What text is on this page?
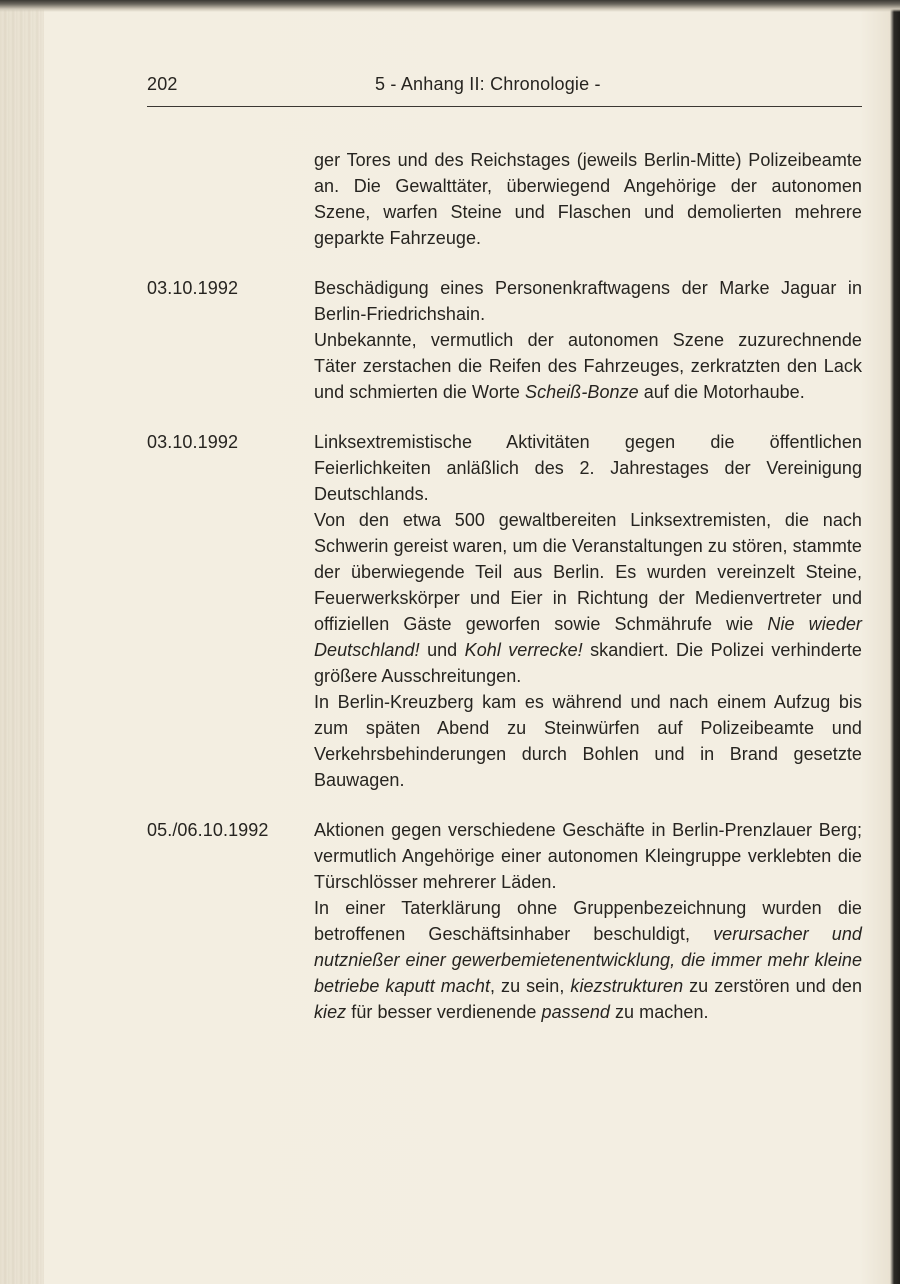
202	5 - Anhang II: Chronologie -

ger Tores und des Reichstages (jeweils Berlin-Mitte) Polizeibeamte an. Die Gewalttäter, überwiegend Angehörige der autonomen Szene, warfen Steine und Flaschen und demolierten mehrere geparkte Fahrzeuge.

03.10.1992	Beschädigung eines Personenkraftwagens der Marke Jaguar in Berlin-Friedrichshain.

Unbekannte, vermutlich der autonomen Szene zuzurechnende Täter zerstachen die Reifen des Fahrzeuges, zerkratzten den Lack und schmierten die Worte Scheiß-Bonze auf die Motorhaube.

03.10.1992	Linksextremistische Aktivitäten gegen die öffentlichen Feierlichkeiten anläßlich des 2. Jahrestages der Vereinigung Deutschlands.

Von den etwa 500 gewaltbereiten Linksextremisten, die nach Schwerin gereist waren, um die Veranstaltungen zu stören, stammte der überwiegende Teil aus Berlin. Es wurden vereinzelt Steine, Feuerwerkskörper und Eier in Richtung der Medienvertreter und offiziellen Gäste geworfen sowie Schmährufe wie Nie wieder Deutschland! und Kohl verrecke! skandiert. Die Polizei verhinderte größere Ausschreitungen.

In Berlin-Kreuzberg kam es während und nach einem Aufzug bis zum späten Abend zu Steinwürfen auf Polizeibeamte und Verkehrsbehinderungen durch Bohlen und in Brand gesetzte Bauwagen.

05./06.10.1992	Aktionen gegen verschiedene Geschäfte in Berlin-Prenzlauer Berg; vermutlich Angehörige einer autonomen Kleingruppe verklebten die Türschlösser mehrerer Läden.

In einer Taterklärung ohne Gruppenbezeichnung wurden die betroffenen Geschäftsinhaber beschuldigt, verursacher und nutznießer einer gewerbemietenentwicklung, die immer mehr kleine betriebe kaputt macht, zu sein, kiezstrukturen zu zerstören und den kiez für besser verdienende passend zu machen.
